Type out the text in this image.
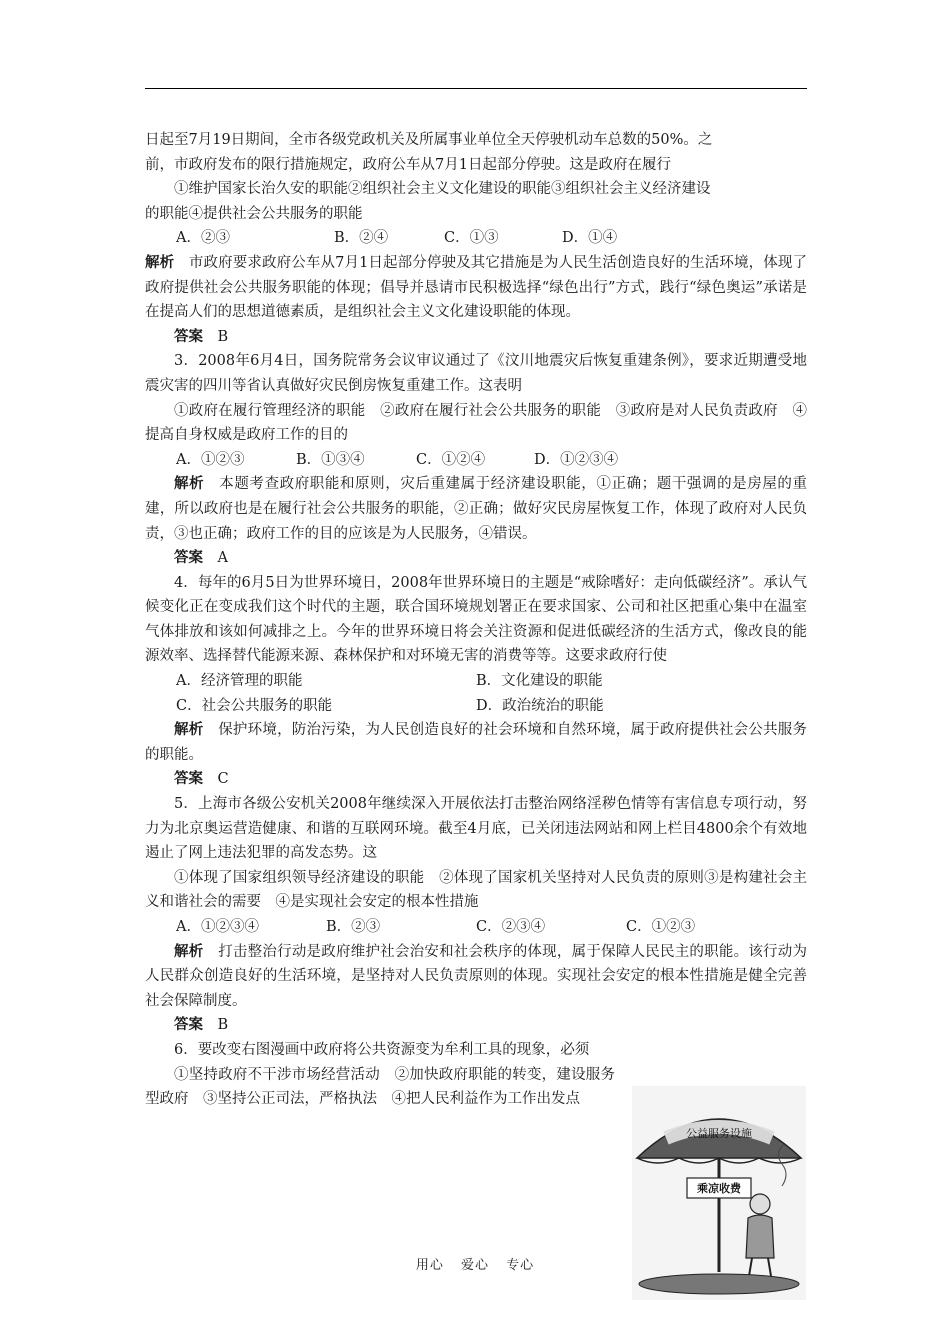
日起至7月19日期间，全市各级党政机关及所属事业单位全天停驶机动车总数的50%。之

前，市政府发布的限行措施规定，政府公车从7月1日起部分停驶。这是政府在履行

①维护国家长治久安的职能②组织社会主义文化建设的职能③组织社会主义经济建设

的职能④提供社会公共服务的职能

A．②③	B．②④	C．①③	D．①④

解析　 市政府要求政府公车从7月1日起部分停驶及其它措施是为人民生活创造良好的生活环境，体现了政府提供社会公共服务职能的体现；倡导并恳请市民积极选择“绿色出行”方式，践行“绿色奥运”承诺是在提高人们的思想道德素质，是组织社会主义文化建设职能的体现。

答案　 B

3．2008年6月4日，国务院常务会议审议通过了《汶川地震灾后恢复重建条例》，要求近期遭受地震灾害的四川等省认真做好灾民倒房恢复重建工作。这表明

①政府在履行管理经济的职能　②政府在履行社会公共服务的职能　③政府是对人民负责政府　④提高自身权威是政府工作的目的

A．①②③	B．①③④	C．①②④	D．①②③④

解析　 本题考查政府职能和原则，灾后重建属于经济建设职能，①正确；题干强调的是房屋的重建，所以政府也是在履行社会公共服务的职能，②正确；做好灾民房屋恢复工作，体现了政府对人民负责，③也正确；政府工作的目的应该是为人民服务，④错误。

答案　 A

4．每年的6月5日为世界环境日，2008年世界环境日的主题是“戒除嗜好：走向低碳经济”。承认气候变化正在变成我们这个时代的主题，联合国环境规划署正在要求国家、公司和社区把重心集中在温室气体排放和该如何减排之上。今年的世界环境日将会关注资源和促进低碳经济的生活方式，像改良的能源效率、选择替代能源来源、森林保护和对环境无害的消费等等。这要求政府行使

A．经济管理的职能	B．文化建设的职能
C．社会公共服务的职能	D．政治统治的职能

解析　 保护环境，防治污染，为人民创造良好的社会环境和自然环境，属于政府提供社会公共服务的职能。

答案　 C

5．上海市各级公安机关2008年继续深入开展依法打击整治网络淫秽色情等有害信息专项行动，努力为北京奥运营造健康、和谐的互联网环境。截至4月底，已关闭违法网站和网上栏目4800余个有效地遏止了网上违法犯罪的高发态势。这

①体现了国家组织领导经济建设的职能　②体现了国家机关坚持对人民负责的原则③是构建社会主义和谐社会的需要　④是实现社会安定的根本性措施

A．①②③④	B．②③	C．②③④	C．①②③

解析　 打击整治行动是政府维护社会治安和社会秩序的体现，属于保障人民民主的职能。该行动为人民群众创造良好的生活环境，是坚持对人民负责原则的体现。实现社会安定的根本性措施是健全完善社会保障制度。

答案　 B

6．要改变右图漫画中政府将公共资源变为牟利工具的现象，必须

①坚持政府不干涉市场经营活动　②加快政府职能的转变，建设服务型政府　③坚持公正司法，严格执法　④把人民利益作为工作出发点

公益服务设施
乘凉收费
用心 爱心 专心
